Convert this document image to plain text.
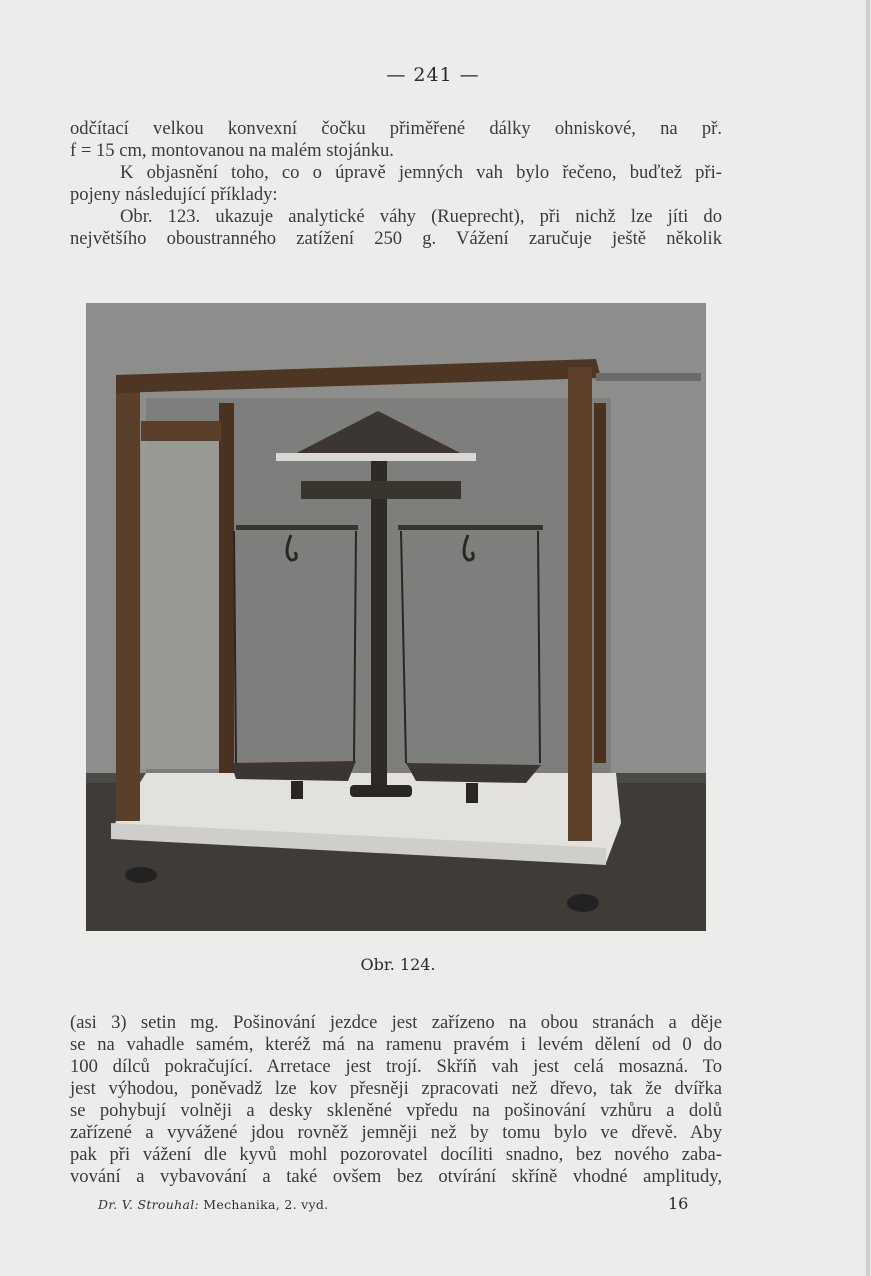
— 241 —

odčítací velkou konvexní čočku přiměřené dálky ohniskové, na př.

f = 15 cm, montovanou na malém stojánku.

K objasnění toho, co o úpravě jemných vah bylo řečeno, buďtež při-

pojeny následující příklady:

Obr. 123. ukazuje analytické váhy (Rueprecht), při nichž lze jíti do

největšího oboustranného zatížení 250 g. Vážení zaručuje ještě několik

Obr. 124.

(asi 3) setin mg. Pošinování jezdce jest zařízeno na obou stranách a děje

se na vahadle samém, kteréž má na ramenu pravém i levém dělení od 0 do

100 dílců pokračující. Arretace jest trojí. Skříň vah jest celá mosazná. To

jest výhodou, poněvadž lze kov přesněji zpracovati než dřevo, tak že dvířka

se pohybují volněji a desky skleněné vpředu na pošinování vzhůru a dolů

zařízené a vyvážené jdou rovněž jemněji než by tomu bylo ve dřevě. Aby

pak při vážení dle kyvů mohl pozorovatel docíliti snadno, bez nového zaba-

vování a vybavování a také ovšem bez otvírání skříně vhodné amplitudy,

Dr. V. Strouhal: Mechanika, 2. vyd.	16
